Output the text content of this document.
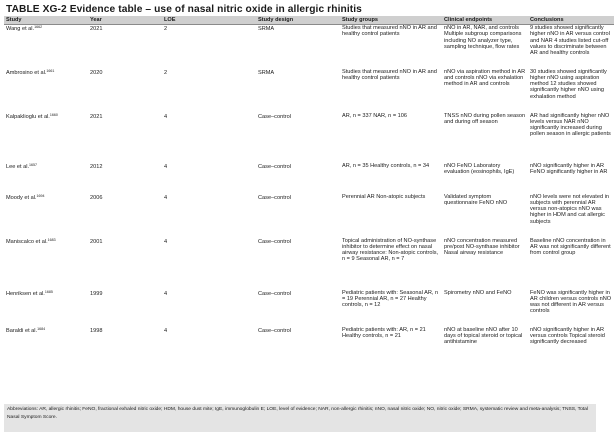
TABLE XG-2 Evidence table – use of nasal nitric oxide in allergic rhinitis
Study	Year	LOE	Study design	Study groups	Clinical endpoints	Conclusions
Wang et al.$^{1662}$	2021	2	SRMA	Studies that measured nNO in AR and healthy control patients	nNO in AR, NAR, and controls Multiple subgroup comparisons including NO analyzer type, sampling technique, flow rates	9 studies showed significantly higher nNO in AR versus control and NAR 4 studies listed cut-off values to discriminate between AR and healthy controls
Ambrosino et al.$^{1661}$	2020	2	SRMA	Studies that measured nNO in AR and healthy control patients	nNO via aspiration method in AR and controls nNO via exhalation method in AR and controls	30 studies showed significantly higher nNO using aspiration method 12 studies showed significantly higher nNO using exhalation method
Kalpaklioglu et al.$^{1660}$	2021	4	Case–control	AR, n = 337 NAR, n = 106	TNSS nNO during pollen season and during off season	AR had significantly higher nNO levels versus NAR nNO significantly increased during pollen season in allergic patients
Lee et al.$^{1657}$	2012	4	Case–control	AR, n = 35 Healthy controls, n = 34	nNO FeNO Laboratory evaluation (eosinophils, IgE)	nNO significantly higher in AR FeNO significantly higher in AR
Moody et al.$^{1694}$	2006	4	Case–control	Perennial AR Non-atopic subjects	Validated symptom questionnaire FeNO nNO	nNO levels were not elevated in subjects with perennial AR versus non-atopics nNO was higher in HDM and cat allergic subjects
Maniscalco et al.$^{1683}$	2001	4	Case–control	Topical administration of NO-synthase inhibitor to determine effect on nasal airway resistance: Non-atopic controls, n = 9 Seasonal AR, n = 7	nNO concentration measured pre/post NO-synthase inhibitor Nasal airway resistance	Baseline nNO concentration in AR was not significantly different from control group
Henriksen et al.$^{1685}$	1999	4	Case–control	Pediatric patients with: Seasonal AR, n = 19 Perennial AR, n = 27 Healthy controls, n = 12	Spirometry nNO and FeNO	FeNO was significantly higher in AR children versus controls nNO was not different in AR versus controls
Baraldi et al.$^{1684}$	1998	4	Case–control	Pediatric patients with: AR, n = 21 Healthy controls, n = 21	nNO at baseline nNO after 10 days of topical steroid or topical antihistamine	nNO significantly higher in AR versus controls Topical steroid significantly decreased
Abbreviations: AR, allergic rhinitis; FeNO, fractional exhaled nitric oxide; HDM, house dust mite; IgE, immunoglobulin E; LOE, level of evidence; NAR, non-allergic rhinitis; nNO, nasal nitric oxide; NO, nitric oxide; SRMA, systematic review and meta-analysis; TNSS, Total Nasal Symptom Score.
